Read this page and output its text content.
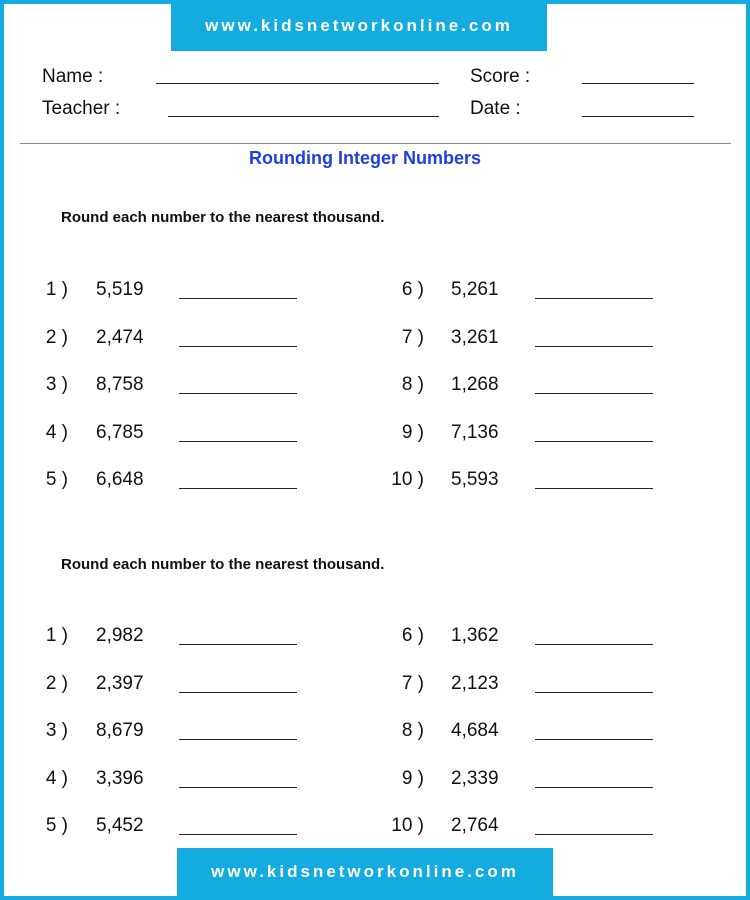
www.kidsnetworkonline.com
Name :	Score :
Teacher :	Date :
Rounding Integer Numbers
Round each number to the nearest thousand.
Round each number to the nearest thousand.
1 ) 5,519
2 ) 2,474
3 ) 8,758
4 ) 6,785
5 ) 6,648
6 ) 5,261
7 ) 3,261
8 ) 1,268
9 ) 7,136
10 ) 5,593
1 ) 2,982
2 ) 2,397
3 ) 8,679
4 ) 3,396
5 ) 5,452
6 ) 1,362
7 ) 2,123
8 ) 4,684
9 ) 2,339
10 ) 2,764
www.kidsnetworkonline.com
